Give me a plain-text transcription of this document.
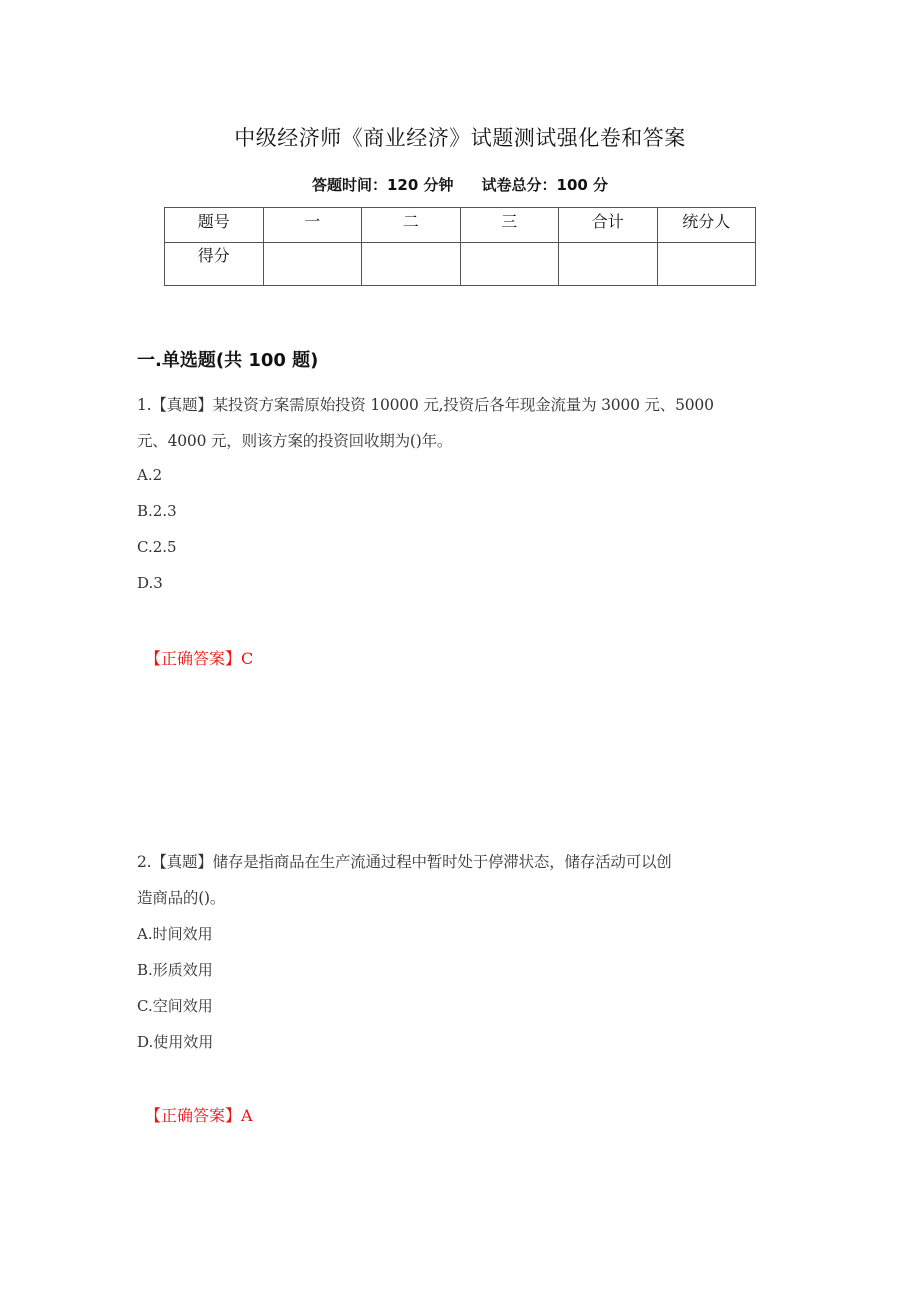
中级经济师《商业经济》试题测试强化卷和答案
答题时间：120 分钟 试卷总分：100 分
题号	一	二	三	合计	统分人
得分					
一.单选题(共 100 题)
1.【真题】某投资方案需原始投资 10000 元,投资后各年现金流量为 3000 元、5000
元、4000 元，则该方案的投资回收期为()年。
A.2
B.2.3
C.2.5
D.3
【正确答案】C
2.【真题】储存是指商品在生产流通过程中暂时处于停滞状态，储存活动可以创
造商品的()。
A.时间效用
B.形质效用
C.空间效用
D.使用效用
【正确答案】A
